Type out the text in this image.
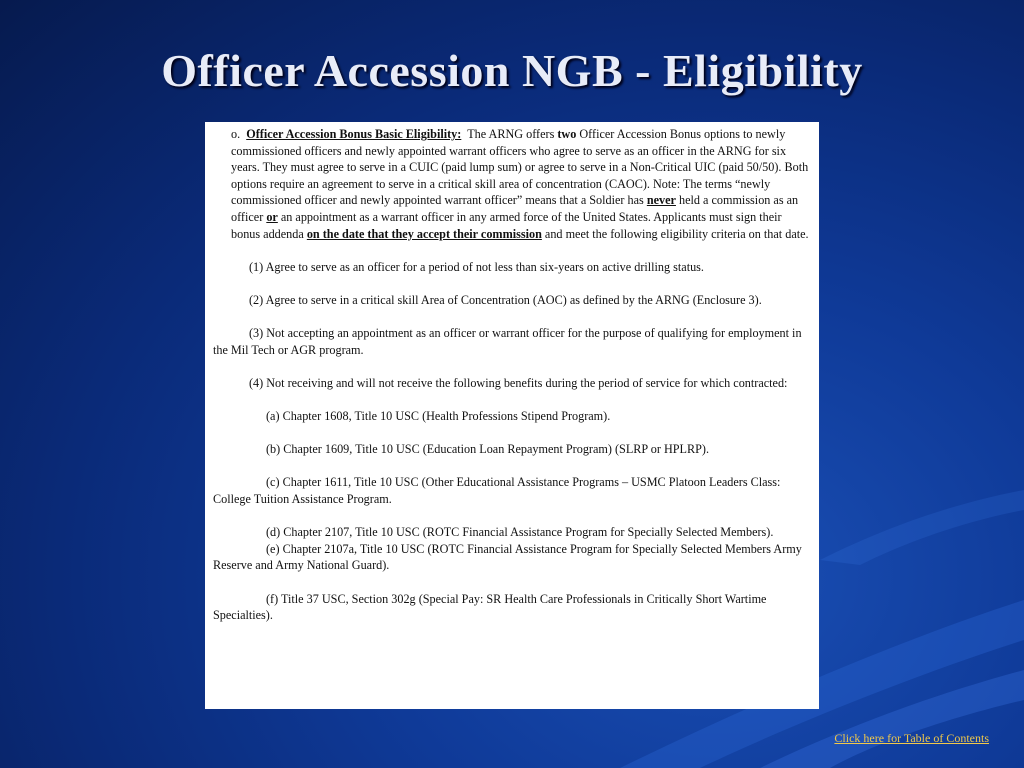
Officer Accession NGB - Eligibility

o. Officer Accession Bonus Basic Eligibility: The ARNG offers two Officer Accession Bonus options to newly commissioned officers and newly appointed warrant officers who agree to serve as an officer in the ARNG for six years. They must agree to serve in a CUIC (paid lump sum) or agree to serve in a Non-Critical UIC (paid 50/50). Both options require an agreement to serve in a critical skill area of concentration (CAOC). Note: The terms “newly commissioned officer and newly appointed warrant officer” means that a Soldier has never held a commission as an officer or an appointment as a warrant officer in any armed force of the United States. Applicants must sign their bonus addenda on the date that they accept their commission and meet the following eligibility criteria on that date.

(1) Agree to serve as an officer for a period of not less than six-years on active drilling status.

(2) Agree to serve in a critical skill Area of Concentration (AOC) as defined by the ARNG (Enclosure 3).

(3) Not accepting an appointment as an officer or warrant officer for the purpose of qualifying for employment in the Mil Tech or AGR program.

(4) Not receiving and will not receive the following benefits during the period of service for which contracted:

(a) Chapter 1608, Title 10 USC (Health Professions Stipend Program).

(b) Chapter 1609, Title 10 USC (Education Loan Repayment Program) (SLRP or HPLRP).

(c) Chapter 1611, Title 10 USC (Other Educational Assistance Programs – USMC Platoon Leaders Class: College Tuition Assistance Program.

(d) Chapter 2107, Title 10 USC (ROTC Financial Assistance Program for Specially Selected Members).

(e) Chapter 2107a, Title 10 USC (ROTC Financial Assistance Program for Specially Selected Members Army Reserve and Army National Guard).

(f) Title 37 USC, Section 302g (Special Pay: SR Health Care Professionals in Critically Short Wartime Specialties).

Click here for Table of Contents
